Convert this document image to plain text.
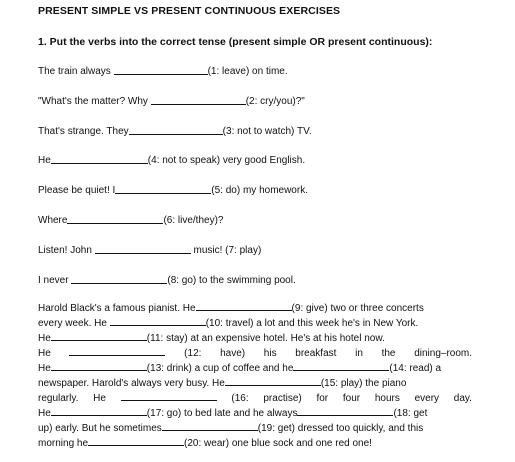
PRESENT SIMPLE VS PRESENT CONTINUOUS EXERCISES
1. Put the verbs into the correct tense (present simple OR present continuous):
The train always	(1: leave) on time.
"What's the matter? Why	(2: cry/you)?"
That's strange. They	(3: not to watch) TV.
He	(4: not to speak) very good English.
Please be quiet! I	(5: do) my homework.
Where	(6: live/they)?
Listen! John	music! (7: play)
I never	(8: go) to the swimming pool.
Harold Black's a famous pianist. He	(9: give) two or three concerts
every week. He	(10: travel) a lot and this week he's in New York.
He	(11: stay) at an expensive hotel. He's at his hotel now.
He	(12: have) his breakfast in the dining–room.
He	(13: drink) a cup of coffee and he	(14: read) a
newspaper. Harold's always very busy. He	(15: play) the piano
regularly. He	(16: practise) for four hours every day.
He	(17: go) to bed late and he always	(18: get
up) early. But he sometimes	(19: get) dressed too quickly, and this
morning he	(20: wear) one blue sock and one red one!
